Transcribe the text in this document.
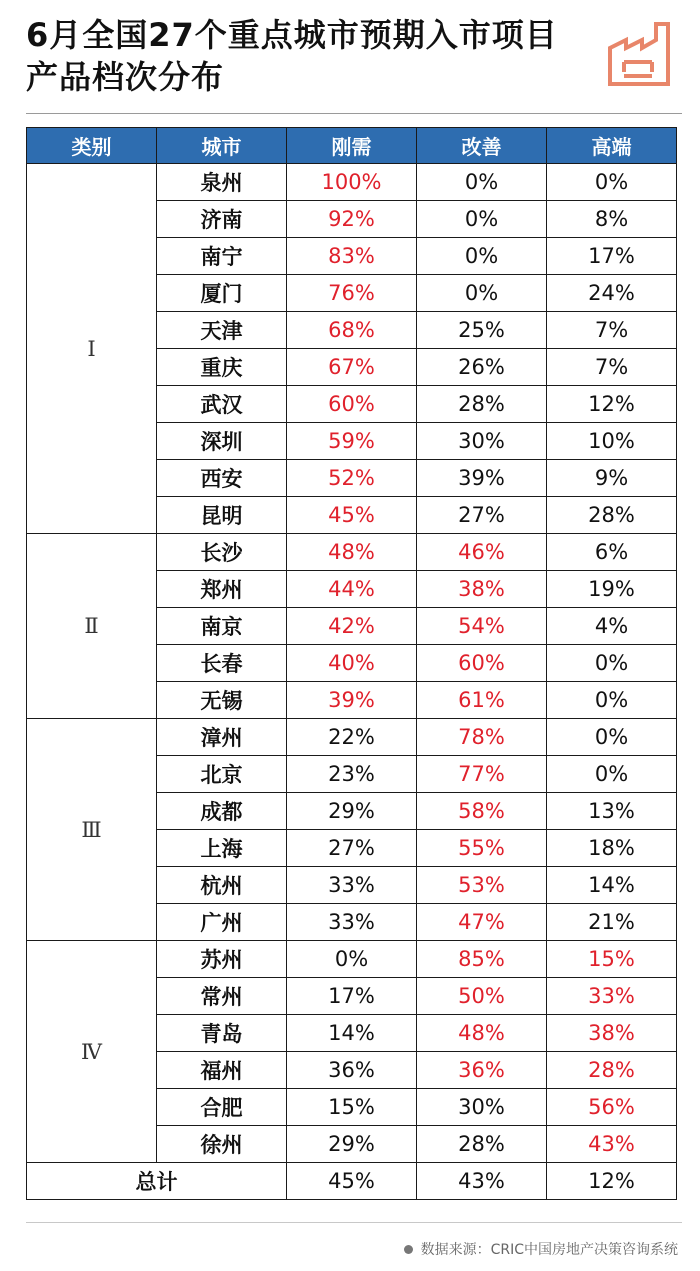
6月全国27个重点城市预期入市项目产品档次分布
类别	城市	刚需	改善	高端
Ⅰ	泉州	100%	0%	0%
	济南	92%	0%	8%
	南宁	83%	0%	17%
	厦门	76%	0%	24%
	天津	68%	25%	7%
	重庆	67%	26%	7%
	武汉	60%	28%	12%
	深圳	59%	30%	10%
	西安	52%	39%	9%
	昆明	45%	27%	28%
Ⅱ	长沙	48%	46%	6%
	郑州	44%	38%	19%
	南京	42%	54%	4%
	长春	40%	60%	0%
	无锡	39%	61%	0%
Ⅲ	漳州	22%	78%	0%
	北京	23%	77%	0%
	成都	29%	58%	13%
	上海	27%	55%	18%
	杭州	33%	53%	14%
	广州	33%	47%	21%
Ⅳ	苏州	0%	85%	15%
	常州	17%	50%	33%
	青岛	14%	48%	38%
	福州	36%	36%	28%
	合肥	15%	30%	56%
	徐州	29%	28%	43%
总计		45%	43%	12%
数据来源：CRIC中国房地产决策咨询系统
